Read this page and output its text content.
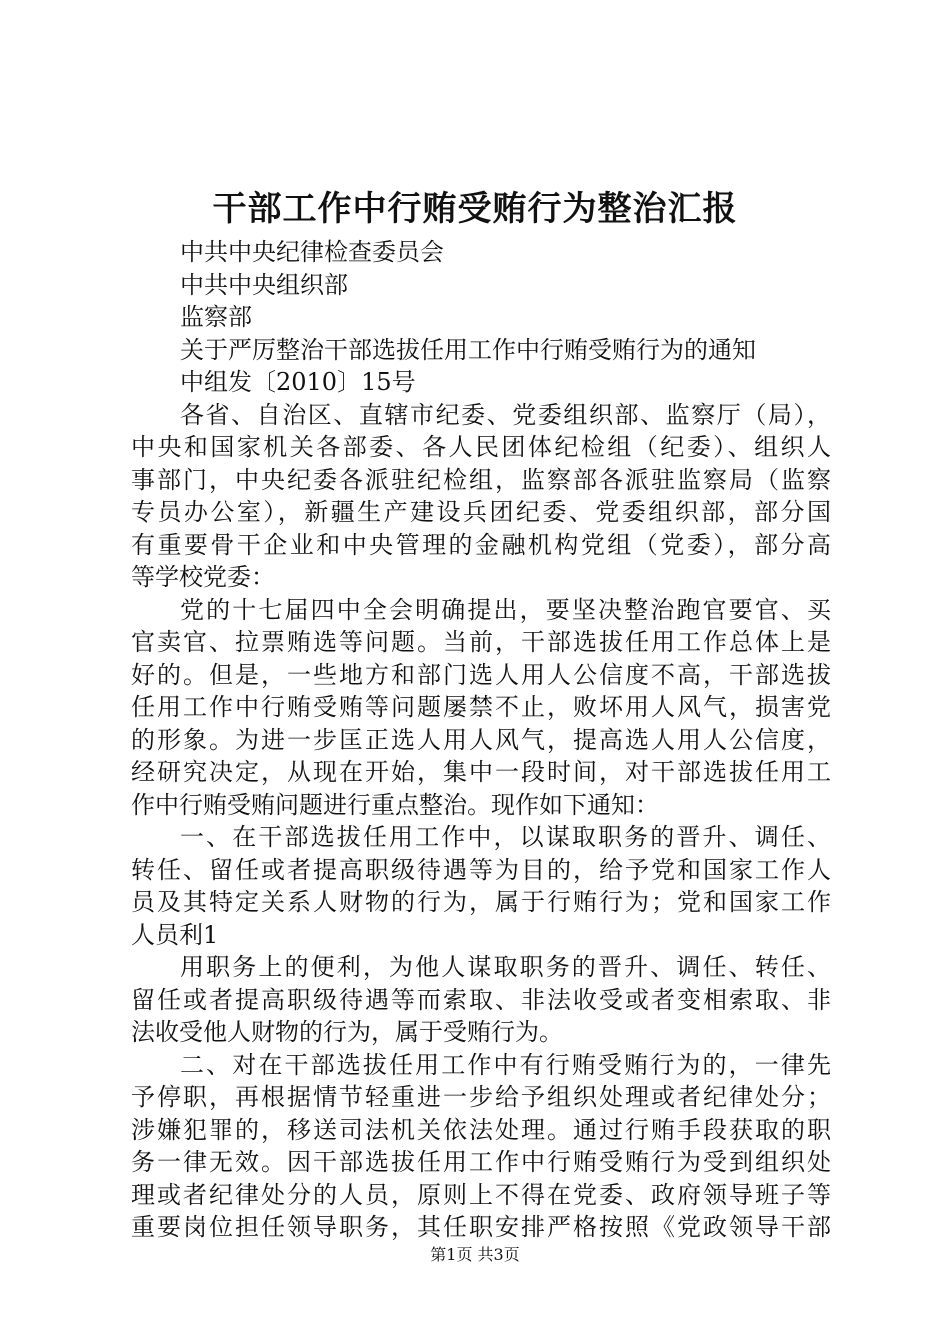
干部工作中行贿受贿行为整治汇报
中共中央纪律检查委员会
中共中央组织部
监察部
关于严厉整治干部选拔任用工作中行贿受贿行为的通知
中组发〔2010〕15号
各省、自治区、直辖市纪委、党委组织部、监察厅（局），
中央和国家机关各部委、各人民团体纪检组（纪委）、组织人
事部门，中央纪委各派驻纪检组，监察部各派驻监察局（监察
专员办公室），新疆生产建设兵团纪委、党委组织部，部分国
有重要骨干企业和中央管理的金融机构党组（党委），部分高
等学校党委：
党的十七届四中全会明确提出，要坚决整治跑官要官、买
官卖官、拉票贿选等问题。当前，干部选拔任用工作总体上是
好的。但是，一些地方和部门选人用人公信度不高，干部选拔
任用工作中行贿受贿等问题屡禁不止，败坏用人风气，损害党
的形象。为进一步匡正选人用人风气，提高选人用人公信度，
经研究决定，从现在开始，集中一段时间，对干部选拔任用工
作中行贿受贿问题进行重点整治。现作如下通知：
一、在干部选拔任用工作中，以谋取职务的晋升、调任、
转任、留任或者提高职级待遇等为目的，给予党和国家工作人
员及其特定关系人财物的行为，属于行贿行为；党和国家工作
人员利1
用职务上的便利，为他人谋取职务的晋升、调任、转任、
留任或者提高职级待遇等而索取、非法收受或者变相索取、非
法收受他人财物的行为，属于受贿行为。
二、对在干部选拔任用工作中有行贿受贿行为的，一律先
予停职，再根据情节轻重进一步给予组织处理或者纪律处分；
涉嫌犯罪的，移送司法机关依法处理。通过行贿手段获取的职
务一律无效。因干部选拔任用工作中行贿受贿行为受到组织处
理或者纪律处分的人员，原则上不得在党委、政府领导班子等
重要岗位担任领导职务，其任职安排严格按照《党政领导干部
第1页 共3页
